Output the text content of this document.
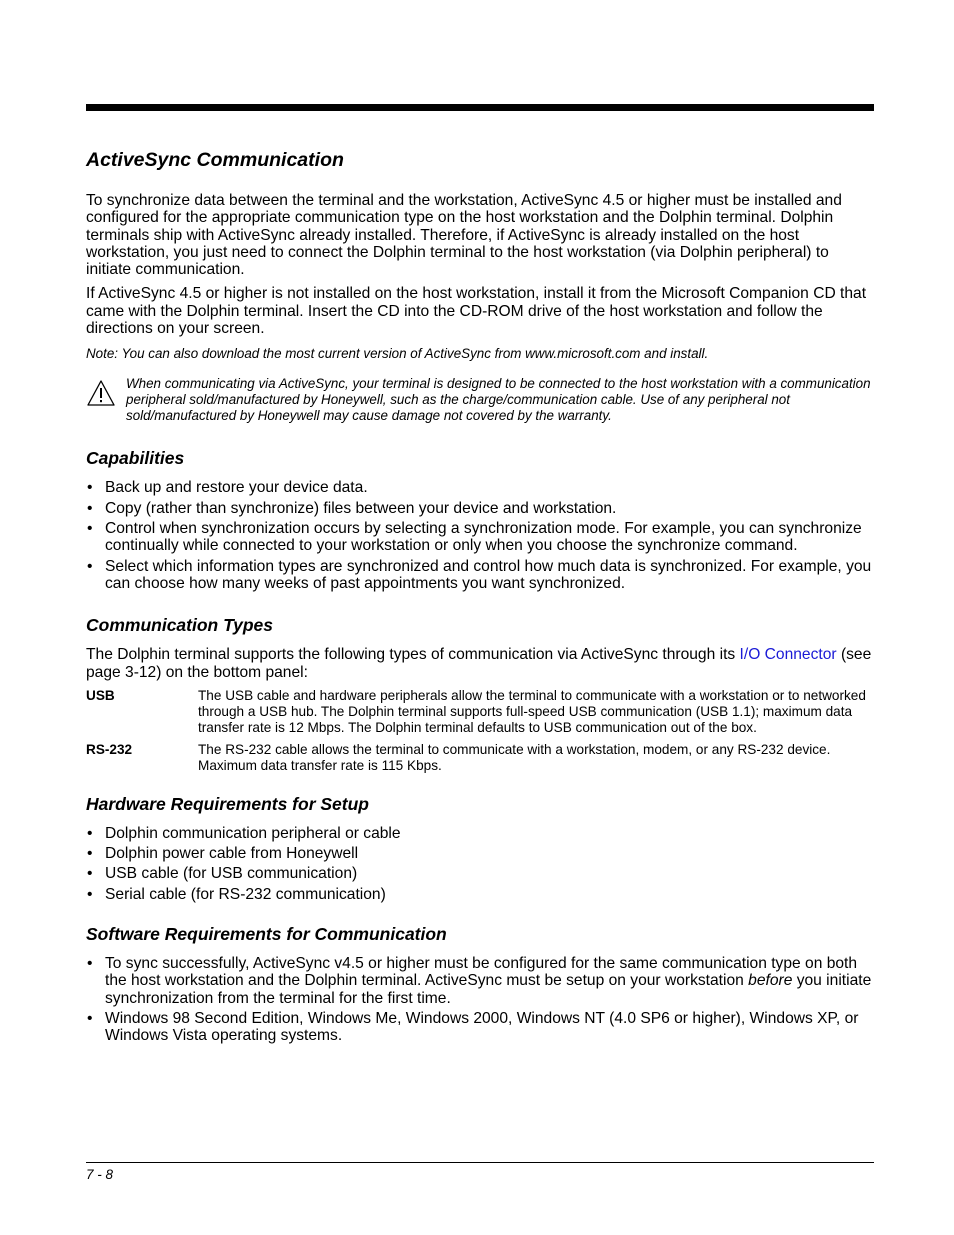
ActiveSync Communication

To synchronize data between the terminal and the workstation, ActiveSync 4.5 or higher must be installed and configured for the appropriate communication type on the host workstation and the Dolphin terminal. Dolphin terminals ship with ActiveSync already installed. Therefore, if ActiveSync is already installed on the host workstation, you just need to connect the Dolphin terminal to the host workstation (via Dolphin peripheral) to initiate communication.

If ActiveSync 4.5 or higher is not installed on the host workstation, install it from the Microsoft Companion CD that came with the Dolphin terminal. Insert the CD into the CD-ROM drive of the host workstation and follow the directions on your screen.

Note: You can also download the most current version of ActiveSync from www.microsoft.com and install.

When communicating via ActiveSync, your terminal is designed to be connected to the host workstation with a communication peripheral sold/manufactured by Honeywell, such as the charge/communication cable. Use of any peripheral not sold/manufactured by Honeywell may cause damage not covered by the warranty.

Capabilities
• Back up and restore your device data.
• Copy (rather than synchronize) files between your device and workstation.
• Control when synchronization occurs by selecting a synchronization mode. For example, you can synchronize continually while connected to your workstation or only when you choose the synchronize command.
• Select which information types are synchronized and control how much data is synchronized. For example, you can choose how many weeks of past appointments you want synchronized.
Communication Types

The Dolphin terminal supports the following types of communication via ActiveSync through its I/O Connector (see page 3-12) on the bottom panel:

USB	The USB cable and hardware peripherals allow the terminal to communicate with a workstation or to networked through a USB hub. The Dolphin terminal supports full-speed USB communication (USB 1.1); maximum data transfer rate is 12 Mbps. The Dolphin terminal defaults to USB communication out of the box.
RS-232	The RS-232 cable allows the terminal to communicate with a workstation, modem, or any RS-232 device. Maximum data transfer rate is 115 Kbps.
Hardware Requirements for Setup
• Dolphin communication peripheral or cable
• Dolphin power cable from Honeywell
• USB cable (for USB communication)
• Serial cable (for RS-232 communication)
Software Requirements for Communication
• To sync successfully, ActiveSync v4.5 or higher must be configured for the same communication type on both the host workstation and the Dolphin terminal. ActiveSync must be setup on your workstation before you initiate synchronization from the terminal for the first time.
• Windows 98 Second Edition, Windows Me, Windows 2000, Windows NT (4.0 SP6 or higher), Windows XP, or Windows Vista operating systems.
7 - 8
